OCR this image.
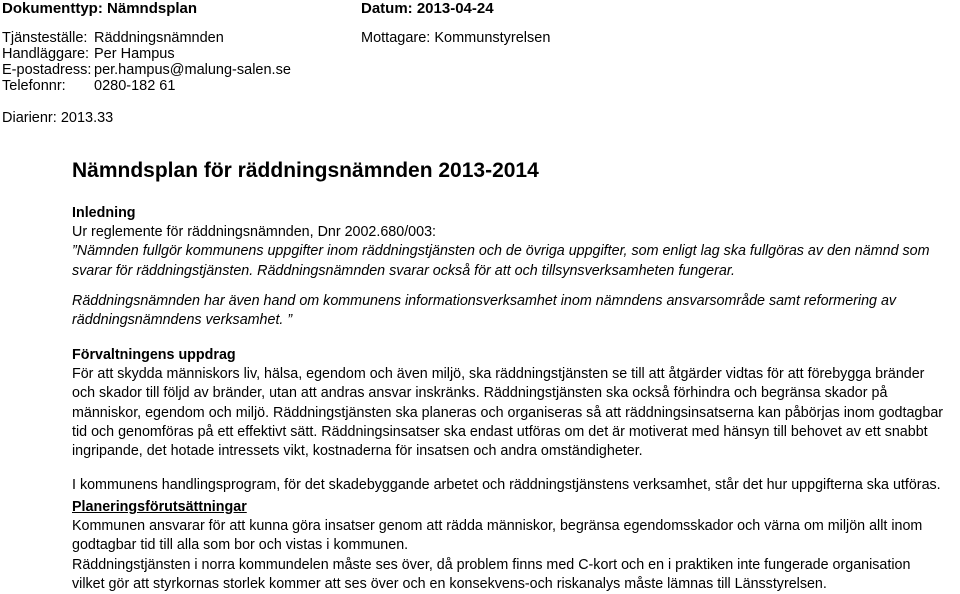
Dokumenttyp: Nämndsplan	Datum: 2013-04-24
Mottagare: Kommunstyrelsen
Tjänsteställe: Räddningsnämnden
Handläggare: Per Hampus
E-postadress: per.hampus@malung-salen.se
Telefonnr: 0280-182 61
Diarienr: 2013.33
Nämndsplan för räddningsnämnden 2013-2014

Inledning

Ur reglemente för räddningsnämnden, Dnr 2002.680/003:

”Nämnden fullgör kommunens uppgifter inom räddningstjänsten och de övriga uppgifter, som enligt lag ska fullgöras av den nämnd som

svarar för räddningstjänsten. Räddningsnämnden svarar också för att och tillsynsverksamheten fungerar.

Räddningsnämnden har även hand om kommunens informationsverksamhet inom nämndens ansvarsområde samt reformering av

räddningsnämndens verksamhet. ”

Förvaltningens uppdrag

För att skydda människors liv, hälsa, egendom och även miljö, ska räddningstjänsten se till att åtgärder vidtas för att förebygga bränder

och skador till följd av bränder, utan att andras ansvar inskränks. Räddningstjänsten ska också förhindra och begränsa skador på

människor, egendom och miljö. Räddningstjänsten ska planeras och organiseras så att räddningsinsatserna kan påbörjas inom godtagbar

tid och genomföras på ett effektivt sätt. Räddningsinsatser ska endast utföras om det är motiverat med hänsyn till behovet av ett snabbt

ingripande, det hotade intressets vikt, kostnaderna för insatsen och andra omständigheter.

I kommunens handlingsprogram, för det skadebyggande arbetet och räddningstjänstens verksamhet, står det hur uppgifterna ska utföras.

Planeringsförutsättningar

Kommunen ansvarar för att kunna göra insatser genom att rädda människor, begränsa egendomsskador och värna om miljön allt inom

godtagbar tid till alla som bor och vistas i kommunen.

Räddningstjänsten i norra kommundelen måste ses över, då problem finns med C-kort och en i praktiken inte fungerade organisation

vilket gör att styrkornas storlek kommer att ses över och en konsekvens-och riskanalys måste lämnas till Länsstyrelsen.
